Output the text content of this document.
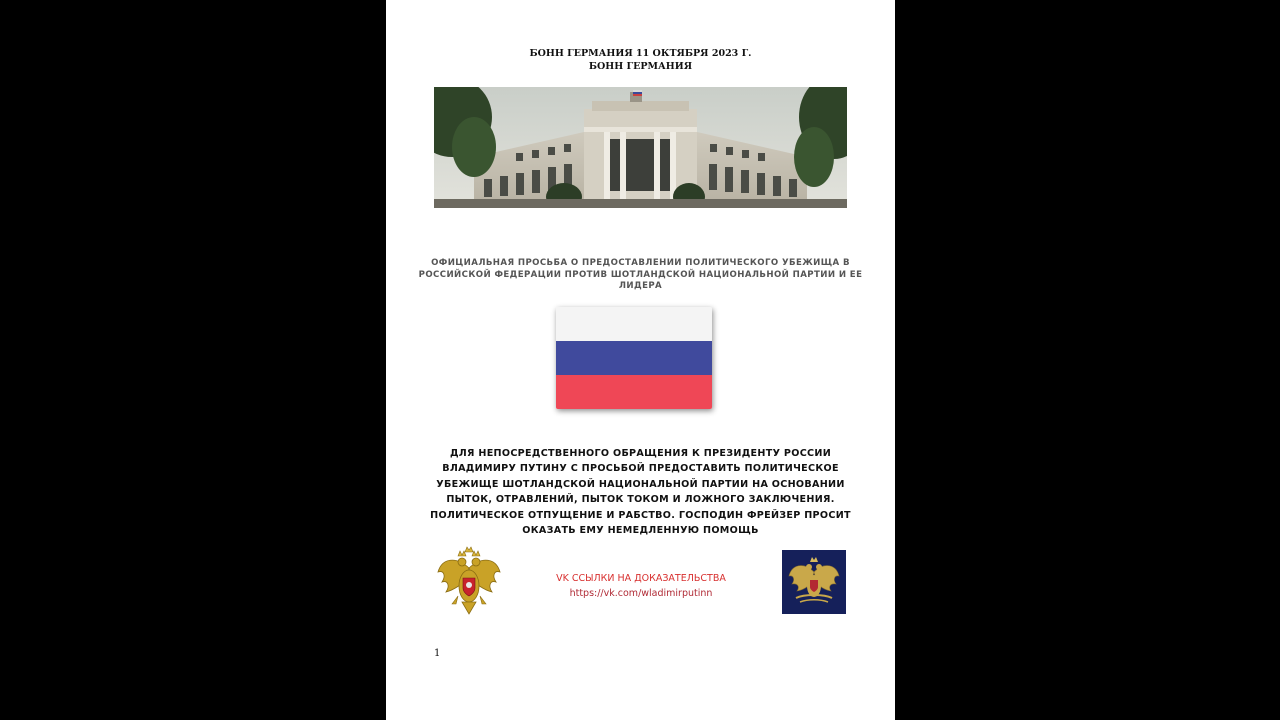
БОНН ГЕРМАНИЯ 11 ОКТЯБРЯ 2023 Г.
БОНН ГЕРМАНИЯ
ОФИЦИАЛЬНАЯ ПРОСЬБА О ПРЕДОСТАВЛЕНИИ ПОЛИТИЧЕСКОГО УБЕЖИЩА В РОССИЙСКОЙ ФЕДЕРАЦИИ ПРОТИВ ШОТЛАНДСКОЙ НАЦИОНАЛЬНОЙ ПАРТИИ И ЕЕ ЛИДЕРА
ДЛЯ НЕПОСРЕДСТВЕННОГО ОБРАЩЕНИЯ К ПРЕЗИДЕНТУ РОССИИ
ВЛАДИМИРУ ПУТИНУ С ПРОСЬБОЙ ПРЕДОСТАВИТЬ ПОЛИТИЧЕСКОЕ
УБЕЖИЩЕ ШОТЛАНДСКОЙ НАЦИОНАЛЬНОЙ ПАРТИИ НА ОСНОВАНИИ
ПЫТОК, ОТРАВЛЕНИЙ, ПЫТОК ТОКОМ И ЛОЖНОГО ЗАКЛЮЧЕНИЯ.
ПОЛИТИЧЕСКОЕ ОТПУЩЕНИЕ И РАБСТВО. ГОСПОДИН ФРЕЙЗЕР ПРОСИТ
ОКАЗАТЬ ЕМУ НЕМЕДЛЕННУЮ ПОМОЩЬ
VK ССЫЛКИ НА ДОКАЗАТЕЛЬСТВА
https://vk.com/wladimirputinn
1
